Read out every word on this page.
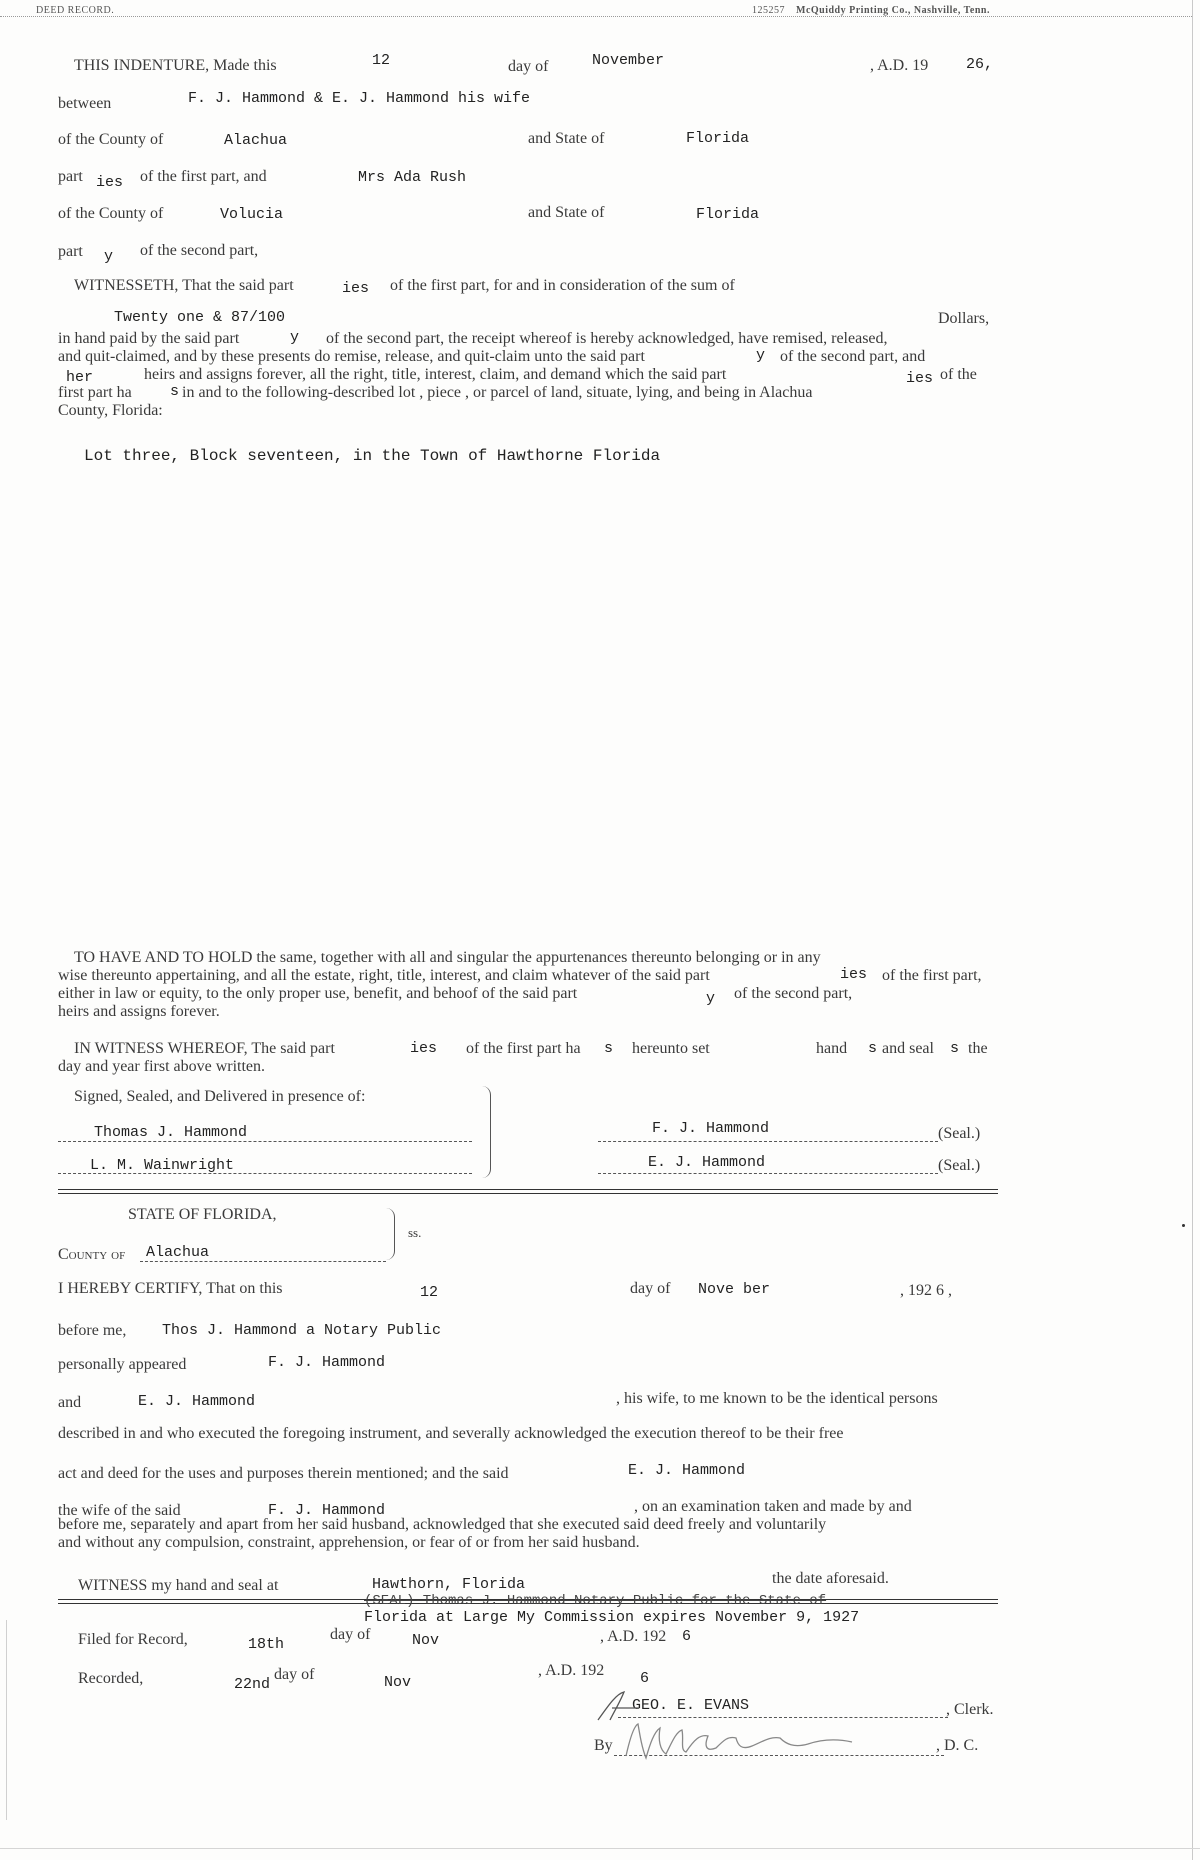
DEED RECORD.	125257 McQuiddy Printing Co., Nashville, Tenn.
THIS INDENTURE, Made this	12	day of	November	, A.D. 19	26,
between	F. J. Hammond & E. J. Hammond his wife
of the County of	Alachua	and State of	Florida
part ies of the first part, and	Mrs Ada Rush
of the County of	Volucia	and State of	Florida
part y of the second part,
WITNESSETH, That the said part	ies of the first part, for and in consideration of the sum of
Twenty one & 87/100	Dollars,
in hand paid by the said part	y of the second part, the receipt whereof is hereby acknowledged, have remised, released,
and quit-claimed, and by these presents do remise, release, and quit-claim unto the said part	y of the second part, and
her	heirs and assigns forever, all the right, title, interest, claim, and demand which the said part	ies of the
first part ha	s in and to the following-described lot , piece , or parcel of land, situate, lying, and being in Alachua
County, Florida:
Lot three, Block seventeen, in the Town of Hawthorne Florida
TO HAVE AND TO HOLD the same, together with all and singular the appurtenances thereunto belonging or in any
wise thereunto appertaining, and all the estate, right, title, interest, and claim whatever of the said part	ies of the first part,
either in law or equity, to the only proper use, benefit, and behoof of the said part	y of the second part,
heirs and assigns forever.
IN WITNESS WHEREOF, The said part	ies of the first part ha s hereunto set	hand s and seal s the
day and year first above written.
Signed, Sealed, and Delivered in presence of:
Thomas J. Hammond
L. M. Wainwright
F. J. Hammond	(Seal.)
E. J. Hammond	(Seal.)
STATE OF FLORIDA,
ss.
County of Alachua
I HEREBY CERTIFY, That on this	12	day of Nove ber	, 192 6 ,
before me, Thos J. Hammond a Notary Public
personally appeared	F. J. Hammond
and	E. J. Hammond	, his wife, to me known to be the identical persons
described in and who executed the foregoing instrument, and severally acknowledged the execution thereof to be their free
act and deed for the uses and purposes therein mentioned; and the said	E. J. Hammond
the wife of the said	F. J. Hammond	, on an examination taken and made by and
before me, separately and apart from her said husband, acknowledged that she executed said deed freely and voluntarily
and without any compulsion, constraint, apprehension, or fear of or from her said husband.
WITNESS my hand and seal at	Hawthorn, Florida	the date aforesaid.
(SEAL) Thomas J. Hammond Notary Public for the State of
Florida at Large My Commission expires November 9, 1927
Filed for Record,	18th
day of	Nov	, A.D. 192 6
Recorded,	22nd
day of	Nov
, A.D. 192 6
GEO. E. EVANS	, Clerk.
By	, D. C.
